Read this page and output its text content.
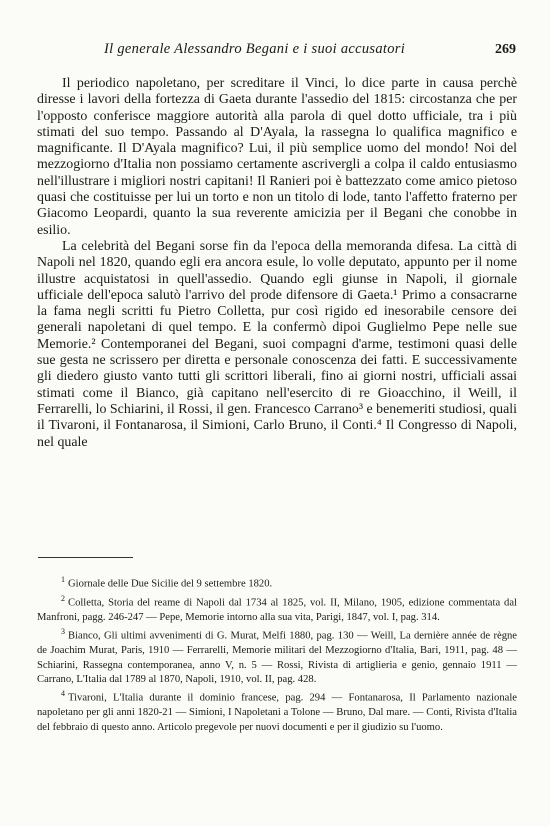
Il generale Alessandro Begani e i suoi accusatori	269

Il periodico napoletano, per screditare il Vinci, lo dice parte in causa perchè diresse i lavori della fortezza di Gaeta durante l'assedio del 1815: circostanza che per l'opposto conferisce maggiore autorità alla parola di quel dotto ufficiale, tra i più stimati del suo tempo. Passando al D'Ayala, la rassegna lo qualifica magnifico e magnificante. Il D'Ayala magnifico? Lui, il più semplice uomo del mondo! Noi del mezzogiorno d'Italia non possiamo certamente ascrivergli a colpa il caldo entusiasmo nell'illustrare i migliori nostri capitani! Il Ranieri poi è battezzato come amico pietoso quasi che costituisse per lui un torto e non un titolo di lode, tanto l'affetto fraterno per Giacomo Leopardi, quanto la sua reverente amicizia per il Begani che conobbe in esilio.

La celebrità del Begani sorse fin da l'epoca della memoranda difesa. La città di Napoli nel 1820, quando egli era ancora esule, lo volle deputato, appunto per il nome illustre acquistatosi in quell'assedio. Quando egli giunse in Napoli, il giornale ufficiale dell'epoca salutò l'arrivo del prode difensore di Gaeta.¹ Primo a consacrarne la fama negli scritti fu Pietro Colletta, pur così rigido ed inesorabile censore dei generali napoletani di quel tempo. E la confermò dipoi Guglielmo Pepe nelle sue Memorie.² Contemporanei del Begani, suoi compagni d'arme, testimoni quasi delle sue gesta ne scrissero per diretta e personale conoscenza dei fatti. E successivamente gli diedero giusto vanto tutti gli scrittori liberali, fino ai giorni nostri, ufficiali assai stimati come il Bianco, già capitano nell'esercito di re Gioacchino, il Weill, il Ferrarelli, lo Schiarini, il Rossi, il gen. Francesco Carrano³ e benemeriti studiosi, quali il Tivaroni, il Fontanarosa, il Simioni, Carlo Bruno, il Conti.⁴ Il Congresso di Napoli, nel quale

$^1$ Giornale delle Due Sicilie del 9 settembre 1820.

$^2$ Colletta, Storia del reame di Napoli dal 1734 al 1825, vol. II, Milano, 1905, edizione commentata dal Manfroni, pagg. 246-247 — Pepe, Memorie intorno alla sua vita, Parigi, 1847, vol. I, pag. 314.

$^3$ Bianco, Gli ultimi avvenimenti di G. Murat, Melfi 1880, pag. 130 — Weill, La dernière année de règne de Joachim Murat, Paris, 1910 — Ferrarelli, Memorie militari del Mezzogiorno d'Italia, Bari, 1911, pag. 48 — Schiarini, Rassegna contemporanea, anno V, n. 5 — Rossi, Rivista di artiglieria e genio, gennaio 1911 — Carrano, L'Italia dal 1789 al 1870, Napoli, 1910, vol. II, pag. 428.

$^4$ Tivaroni, L'Italia durante il dominio francese, pag. 294 — Fontanarosa, Il Parlamento nazionale napoletano per gli anni 1820-21 — Simioni, I Napoletani a Tolone — Bruno, Dal mare. — Conti, Rivista d'Italia del febbraio di questo anno. Articolo pregevole per nuovi documenti e per il giudizio su l'uomo.
